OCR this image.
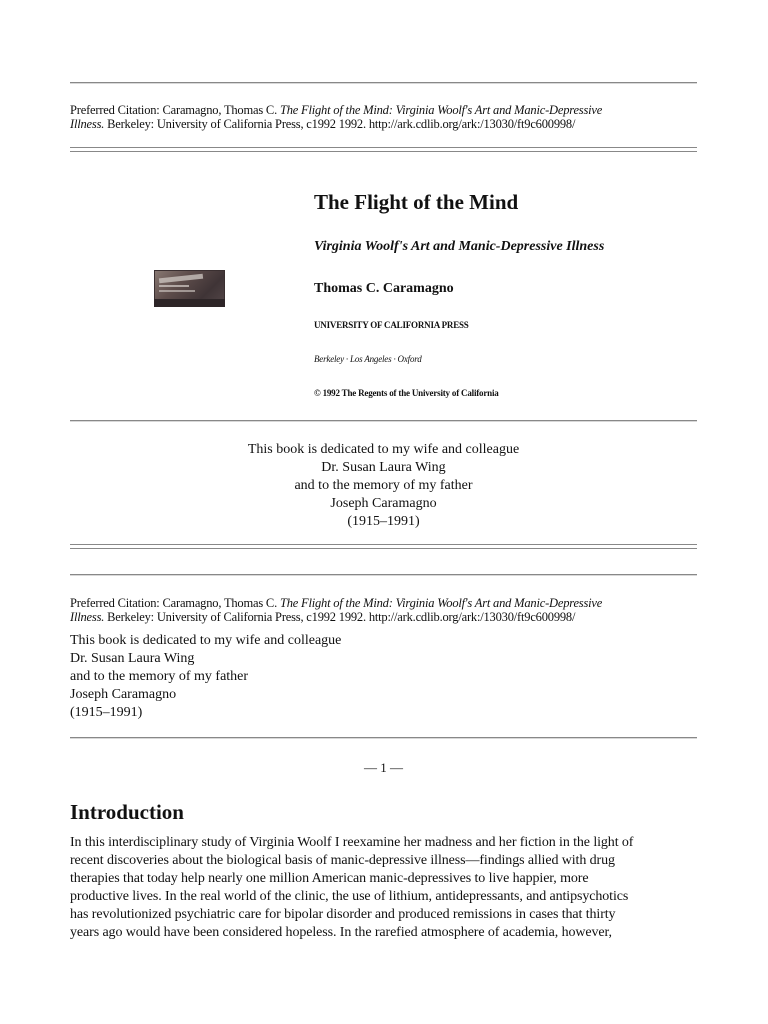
Preferred Citation: Caramagno, Thomas C. The Flight of the Mind: Virginia Woolf's Art and Manic-Depressive
Illness. Berkeley: University of California Press, c1992 1992. http://ark.cdlib.org/ark:/13030/ft9c600998/
The Flight of the Mind
Virginia Woolf's Art and Manic-Depressive Illness
Thomas C. Caramagno
UNIVERSITY OF CALIFORNIA PRESS
Berkeley · Los Angeles · Oxford
© 1992 The Regents of the University of California
This book is dedicated to my wife and colleague
Dr. Susan Laura Wing
and to the memory of my father
Joseph Caramagno
(1915–1991)
Preferred Citation: Caramagno, Thomas C. The Flight of the Mind: Virginia Woolf's Art and Manic-Depressive
Illness. Berkeley: University of California Press, c1992 1992. http://ark.cdlib.org/ark:/13030/ft9c600998/
This book is dedicated to my wife and colleague
Dr. Susan Laura Wing
and to the memory of my father
Joseph Caramagno
(1915–1991)
— 1 —
Introduction
In this interdisciplinary study of Virginia Woolf I reexamine her madness and her fiction in the light of
recent discoveries about the biological basis of manic-depressive illness—findings allied with drug
therapies that today help nearly one million American manic-depressives to live happier, more
productive lives. In the real world of the clinic, the use of lithium, antidepressants, and antipsychotics
has revolutionized psychiatric care for bipolar disorder and produced remissions in cases that thirty
years ago would have been considered hopeless. In the rarefied atmosphere of academia, however,
